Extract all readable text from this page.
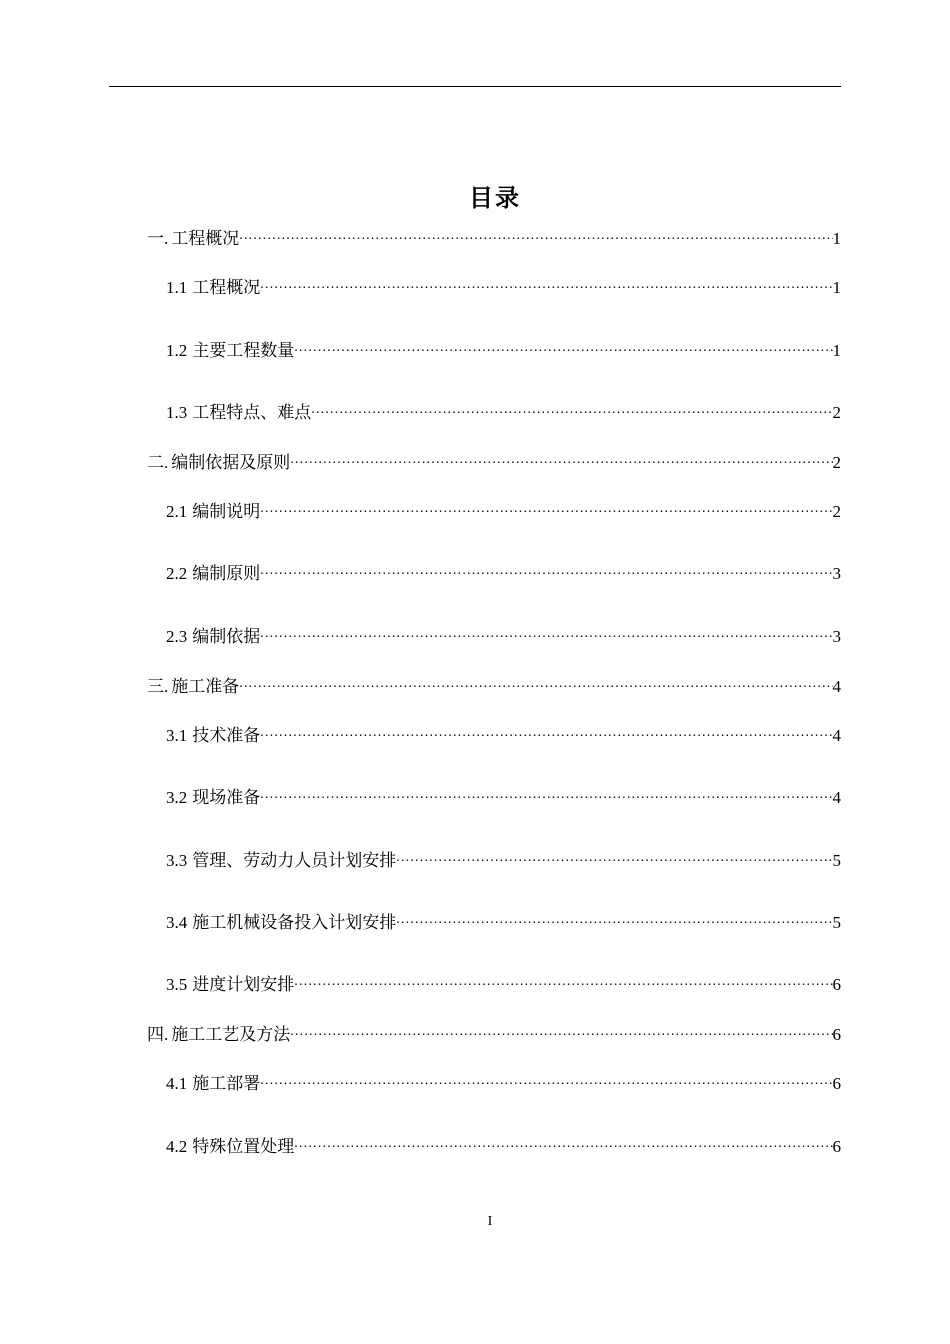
目录
一. 工程概况 .....	1
1.1 工程概况 .....	1
1.2 主要工程数量 .....	1
1.3 工程特点、难点 .....	2
二. 编制依据及原则 .....	2
2.1 编制说明 .....	2
2.2 编制原则 .....	3
2.3 编制依据 .....	3
三. 施工准备 .....	4
3.1 技术准备 .....	4
3.2 现场准备 .....	4
3.3 管理、劳动力人员计划安排 .....	5
3.4 施工机械设备投入计划安排 .....	5
3.5 进度计划安排 .....	6
四. 施工工艺及方法 .....	6
4.1 施工部署 .....	6
4.2 特殊位置处理 .....	6
I
